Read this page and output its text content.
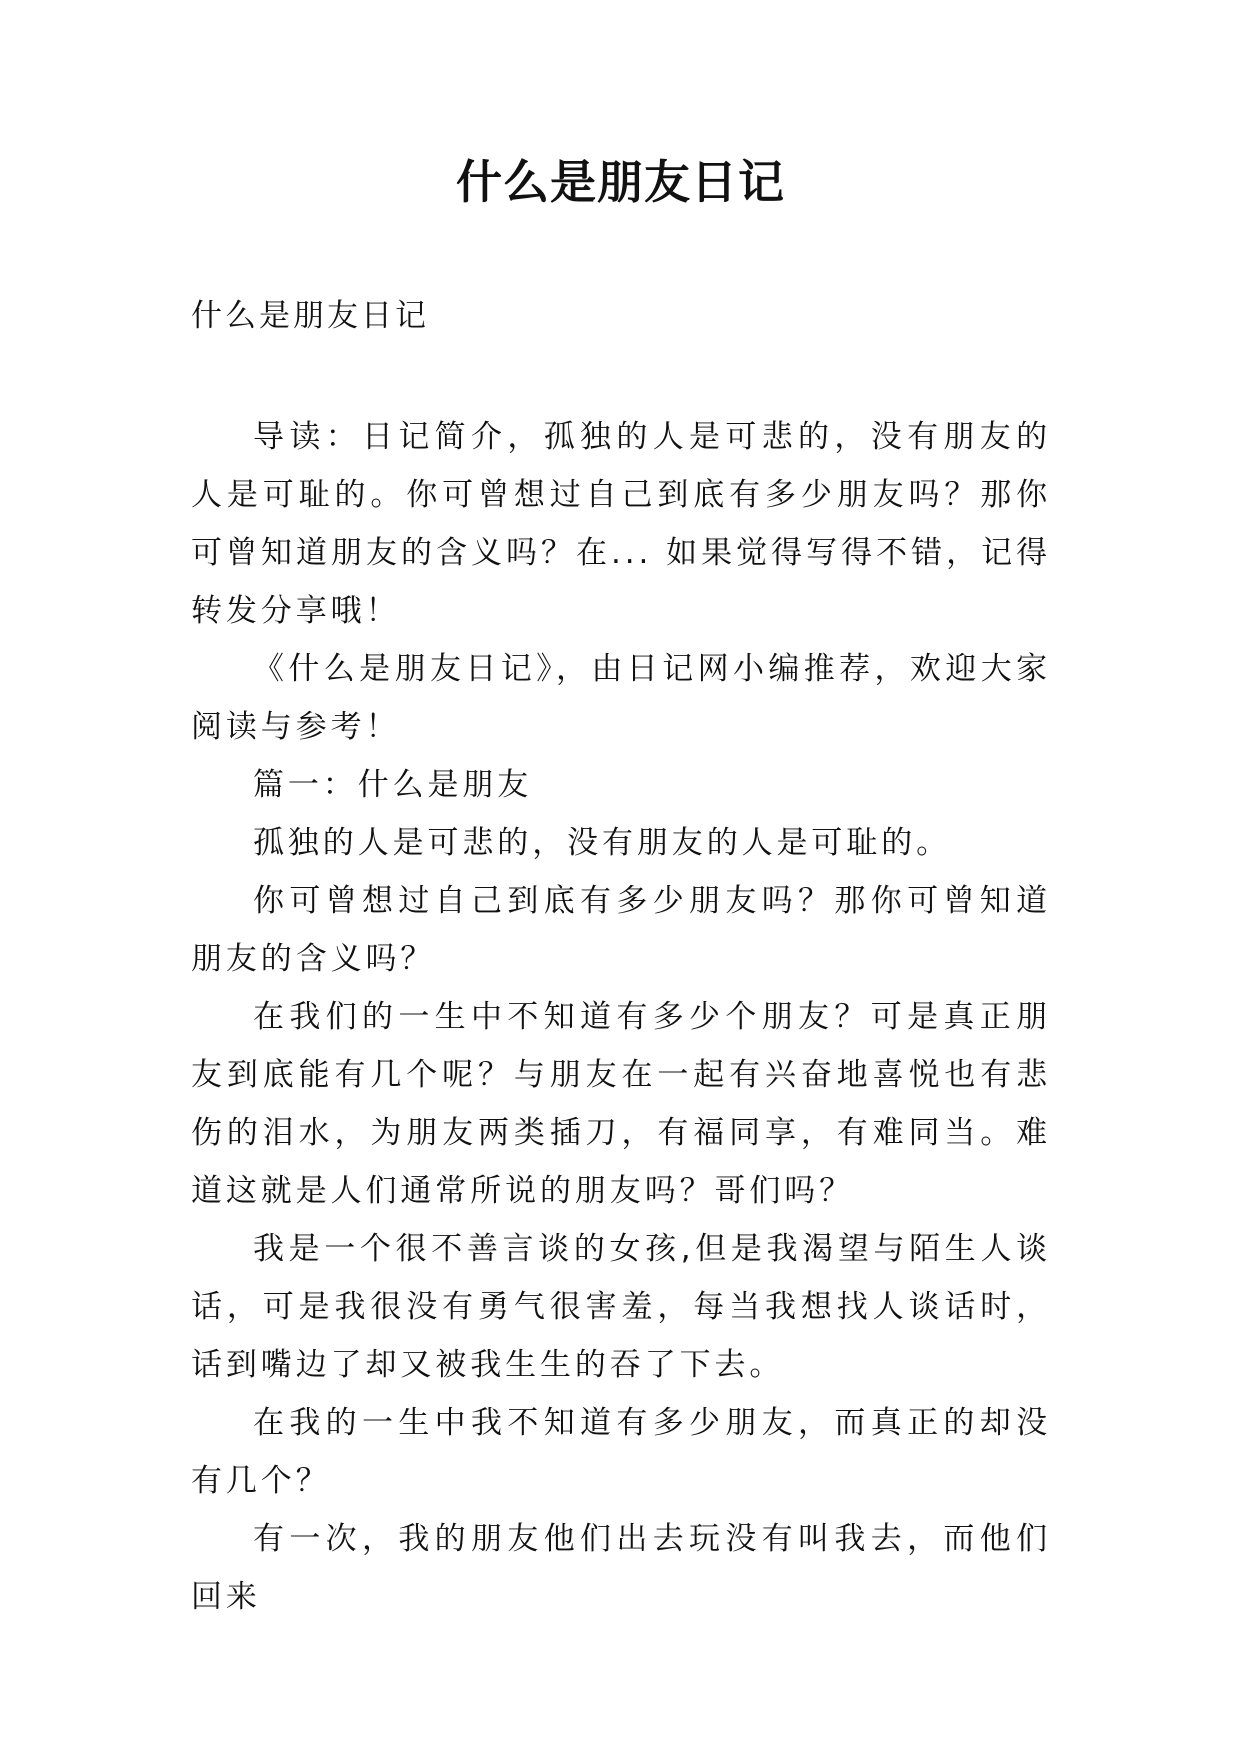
什么是朋友日记

什么是朋友日记

导读：日记简介，孤独的人是可悲的，没有朋友的人是可耻的。你可曾想过自己到底有多少朋友吗？那你可曾知道朋友的含义吗？在... 如果觉得写得不错，记得转发分享哦！

《什么是朋友日记》，由日记网小编推荐，欢迎大家阅读与参考！

篇一：什么是朋友

孤独的人是可悲的，没有朋友的人是可耻的。

你可曾想过自己到底有多少朋友吗？那你可曾知道朋友的含义吗？

在我们的一生中不知道有多少个朋友？可是真正朋友到底能有几个呢？与朋友在一起有兴奋地喜悦也有悲伤的泪水，为朋友两类插刀，有福同享，有难同当。难道这就是人们通常所说的朋友吗？哥们吗？

我是一个很不善言谈的女孩,但是我渴望与陌生人谈话，可是我很没有勇气很害羞，每当我想找人谈话时，话到嘴边了却又被我生生的吞了下去。

在我的一生中我不知道有多少朋友，而真正的却没有几个？

有一次，我的朋友他们出去玩没有叫我去，而他们回来
